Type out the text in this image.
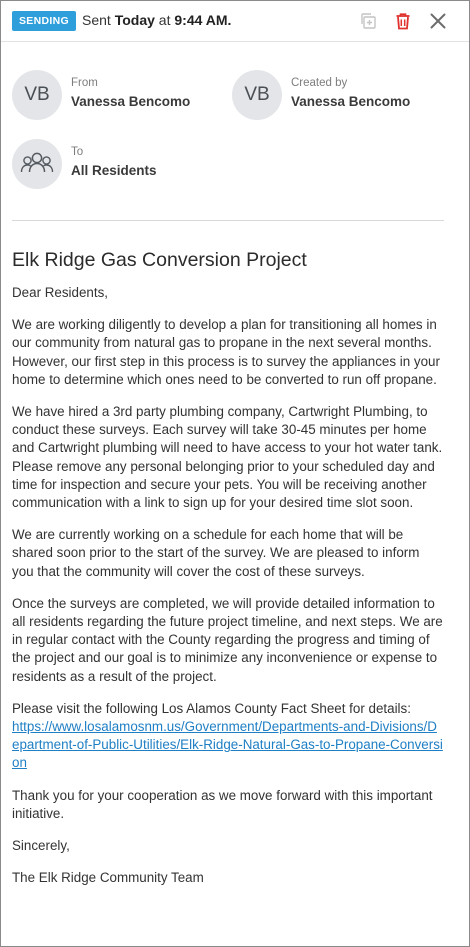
SENDING Sent Today at 9:44 AM.
VB
From
Vanessa Bencomo	VB
Created by
Vanessa Bencomo
To
All Residents
Elk Ridge Gas Conversion Project

Dear Residents,

We are working diligently to develop a plan for transitioning all homes in our community from natural gas to propane in the next several months. However, our first step in this process is to survey the appliances in your home to determine which ones need to be converted to run off propane.

We have hired a 3rd party plumbing company, Cartwright Plumbing, to conduct these surveys. Each survey will take 30-45 minutes per home and Cartwright plumbing will need to have access to your hot water tank. Please remove any personal belonging prior to your scheduled day and time for inspection and secure your pets. You will be receiving another communication with a link to sign up for your desired time slot soon.

We are currently working on a schedule for each home that will be shared soon prior to the start of the survey. We are pleased to inform you that the community will cover the cost of these surveys.

Once the surveys are completed, we will provide detailed information to all residents regarding the future project timeline, and next steps. We are in regular contact with the County regarding the progress and timing of the project and our goal is to minimize any inconvenience or expense to residents as a result of the project.

Please visit the following Los Alamos County Fact Sheet for details:
https://www.losalamosnm.us/Government/Departments-and-Divisions/Department-of-Public-Utilities/Elk-Ridge-Natural-Gas-to-Propane-Conversion

Thank you for your cooperation as we move forward with this important initiative.

Sincerely,

The Elk Ridge Community Team
